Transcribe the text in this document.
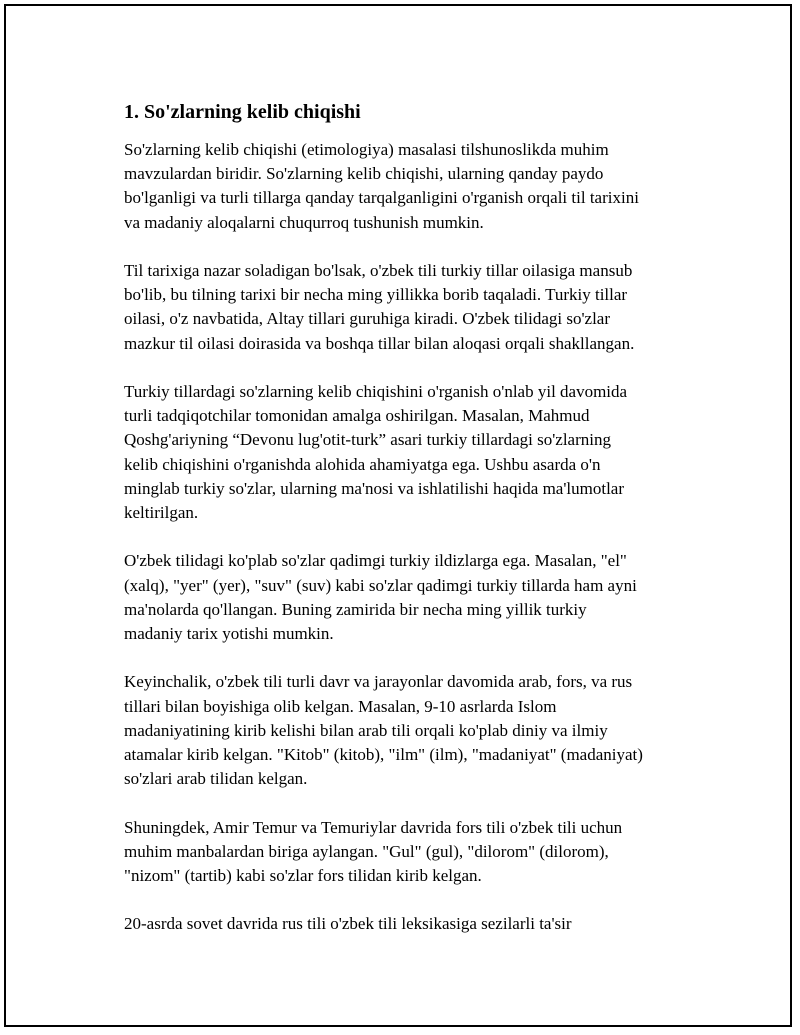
1. So'zlarning kelib chiqishi

So'zlarning kelib chiqishi (etimologiya) masalasi tilshunoslikda muhim
mavzulardan biridir. So'zlarning kelib chiqishi, ularning qanday paydo
bo'lganligi va turli tillarga qanday tarqalganligini o'rganish orqali til tarixini
va madaniy aloqalarni chuqurroq tushunish mumkin.

Til tarixiga nazar soladigan bo'lsak, o'zbek tili turkiy tillar oilasiga mansub
bo'lib, bu tilning tarixi bir necha ming yillikka borib taqaladi. Turkiy tillar
oilasi, o'z navbatida, Altay tillari guruhiga kiradi. O'zbek tilidagi so'zlar
mazkur til oilasi doirasida va boshqa tillar bilan aloqasi orqali shakllangan.

Turkiy tillardagi so'zlarning kelib chiqishini o'rganish o'nlab yil davomida
turli tadqiqotchilar tomonidan amalga oshirilgan. Masalan, Mahmud
Qoshg'ariyning “Devonu lug'otit-turk” asari turkiy tillardagi so'zlarning
kelib chiqishini o'rganishda alohida ahamiyatga ega. Ushbu asarda o'n
minglab turkiy so'zlar, ularning ma'nosi va ishlatilishi haqida ma'lumotlar
keltirilgan.

O'zbek tilidagi ko'plab so'zlar qadimgi turkiy ildizlarga ega. Masalan, "el"
(xalq), "yer" (yer), "suv" (suv) kabi so'zlar qadimgi turkiy tillarda ham ayni
ma'nolarda qo'llangan. Buning zamirida bir necha ming yillik turkiy
madaniy tarix yotishi mumkin.

Keyinchalik, o'zbek tili turli davr va jarayonlar davomida arab, fors, va rus
tillari bilan boyishiga olib kelgan. Masalan, 9-10 asrlarda Islom
madaniyatining kirib kelishi bilan arab tili orqali ko'plab diniy va ilmiy
atamalar kirib kelgan. "Kitob" (kitob), "ilm" (ilm), "madaniyat" (madaniyat)
so'zlari arab tilidan kelgan.

Shuningdek, Amir Temur va Temuriylar davrida fors tili o'zbek tili uchun
muhim manbalardan biriga aylangan. "Gul" (gul), "dilorom" (dilorom),
"nizom" (tartib) kabi so'zlar fors tilidan kirib kelgan.

20-asrda sovet davrida rus tili o'zbek tili leksikasiga sezilarli ta'sir
